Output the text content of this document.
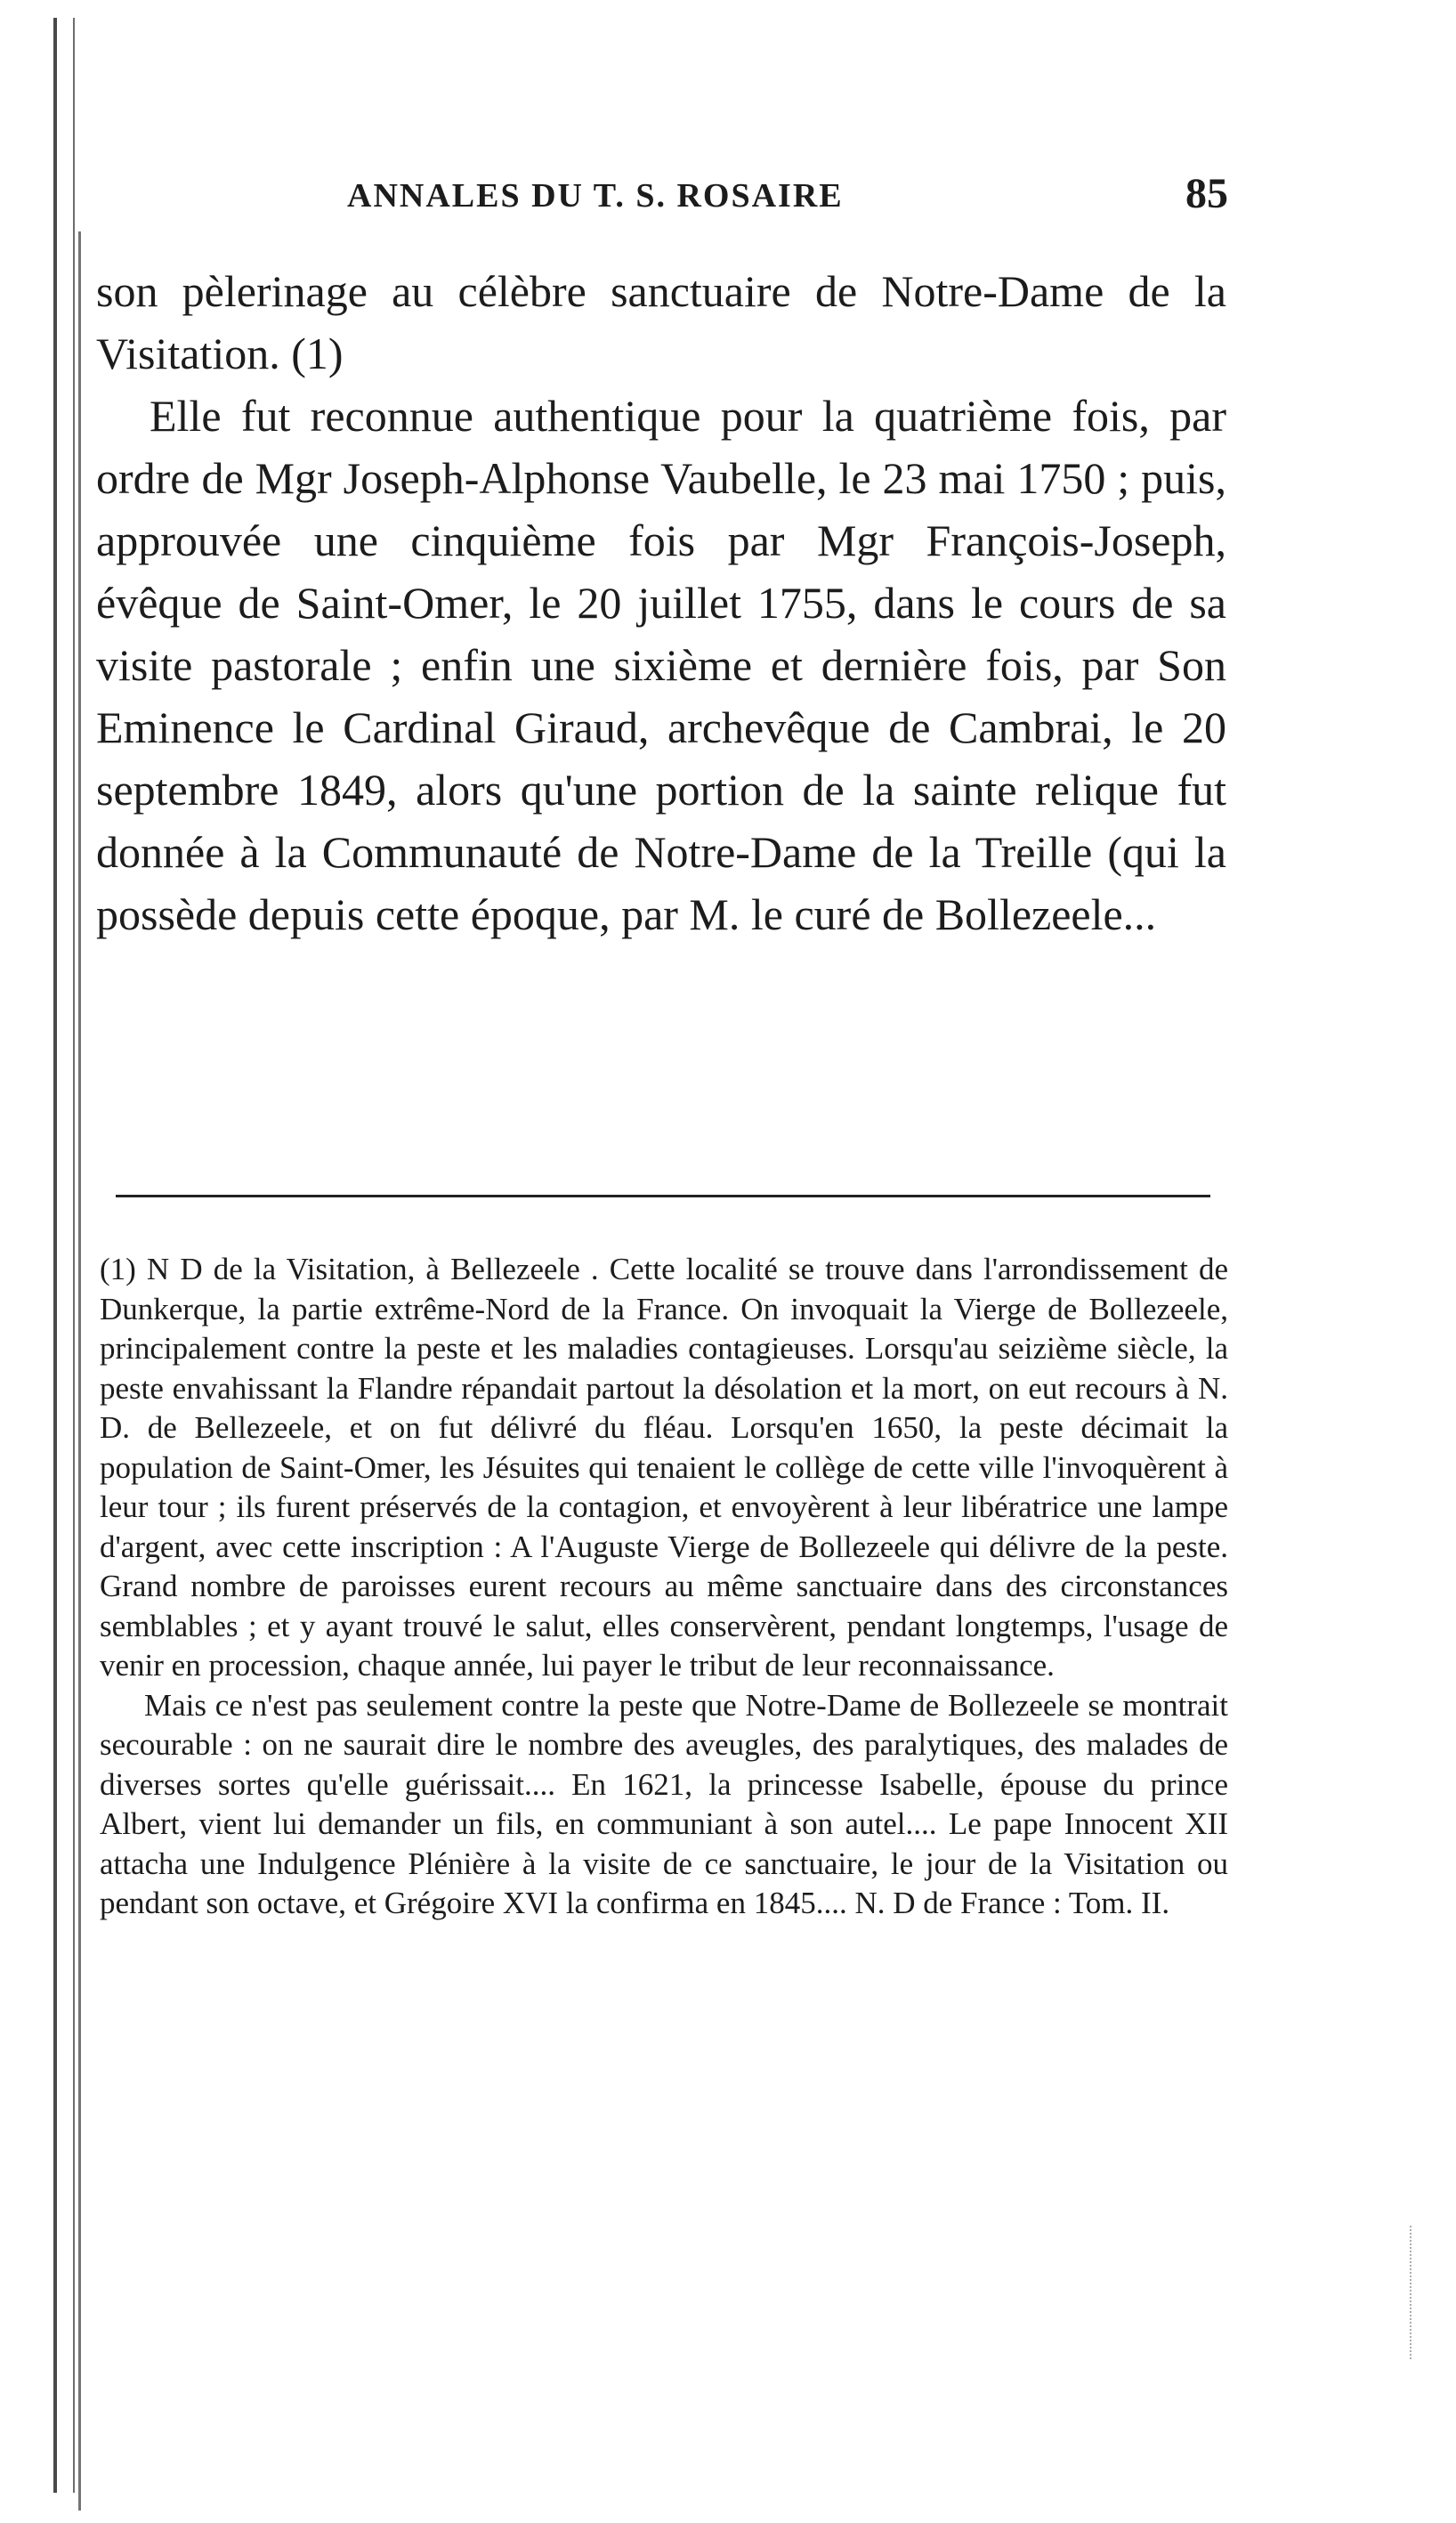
ANNALES DU T. S. ROSAIRE	85

son pèlerinage au célèbre sanctuaire de Notre-Dame de la Visitation. (1)

Elle fut reconnue authentique pour la quatrième fois, par ordre de Mgr Joseph-Alphonse Vaubelle, le 23 mai 1750 ; puis, approuvée une cinquième fois par Mgr François-Joseph, évêque de Saint-Omer, le 20 juillet 1755, dans le cours de sa visite pastorale ; enfin une sixième et dernière fois, par Son Eminence le Cardinal Giraud, archevêque de Cambrai, le 20 septembre 1849, alors qu'une portion de la sainte relique fut donnée à la Communauté de Notre-Dame de la Treille (qui la possède depuis cette époque, par M. le curé de Bollezeele...

(1) N D de la Visitation, à Bellezeele . Cette localité se trouve dans l'arrondissement de Dunkerque, la partie extrême-Nord de la France. On invoquait la Vierge de Bollezeele, principalement contre la peste et les maladies contagieuses. Lorsqu'au seizième siècle, la peste envahissant la Flandre répandait partout la désolation et la mort, on eut recours à N. D. de Bellezeele, et on fut délivré du fléau. Lorsqu'en 1650, la peste décimait la population de Saint-Omer, les Jésuites qui tenaient le collège de cette ville l'invoquèrent à leur tour ; ils furent préservés de la contagion, et envoyèrent à leur libératrice une lampe d'argent, avec cette inscription : A l'Auguste Vierge de Bollezeele qui délivre de la peste. Grand nombre de paroisses eurent recours au même sanctuaire dans des circonstances semblables ; et y ayant trouvé le salut, elles conservèrent, pendant longtemps, l'usage de venir en procession, chaque année, lui payer le tribut de leur reconnaissance.

Mais ce n'est pas seulement contre la peste que Notre-Dame de Bollezeele se montrait secourable : on ne saurait dire le nombre des aveugles, des paralytiques, des malades de diverses sortes qu'elle guérissait.... En 1621, la princesse Isabelle, épouse du prince Albert, vient lui demander un fils, en communiant à son autel.... Le pape Innocent XII attacha une Indulgence Plénière à la visite de ce sanctuaire, le jour de la Visitation ou pendant son octave, et Grégoire XVI la confirma en 1845.... N. D de France : Tom. II.
